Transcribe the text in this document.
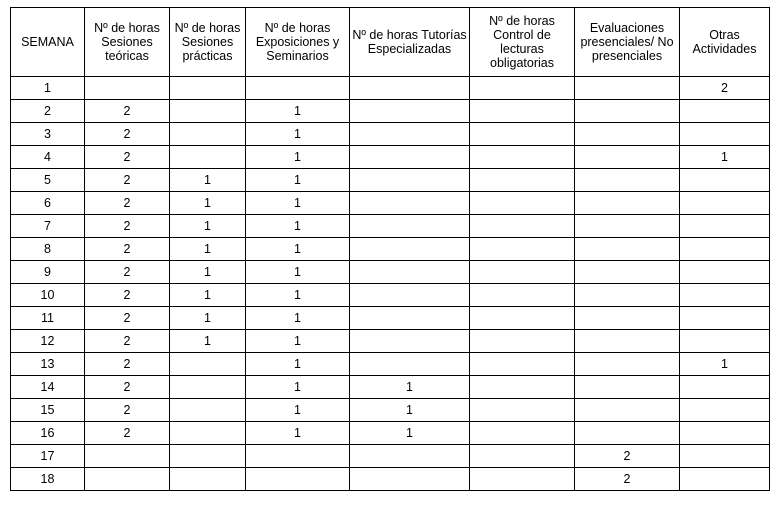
SEMANA	Nº de horas Sesiones teóricas	Nº de horas Sesiones prácticas	Nº de horas Exposiciones y Seminarios	Nº de horas Tutorías Especializadas	Nº de horas Control de lecturas obligatorias	Evaluaciones presenciales/ No presenciales	Otras Actividades
1							2
2	2		1				
3	2		1				
4	2		1				1
5	2	1	1				
6	2	1	1				
7	2	1	1				
8	2	1	1				
9	2	1	1				
10	2	1	1				
11	2	1	1				
12	2	1	1				
13	2		1				1
14	2		1	1			
15	2		1	1			
16	2		1	1			
17						2	
18						2	
